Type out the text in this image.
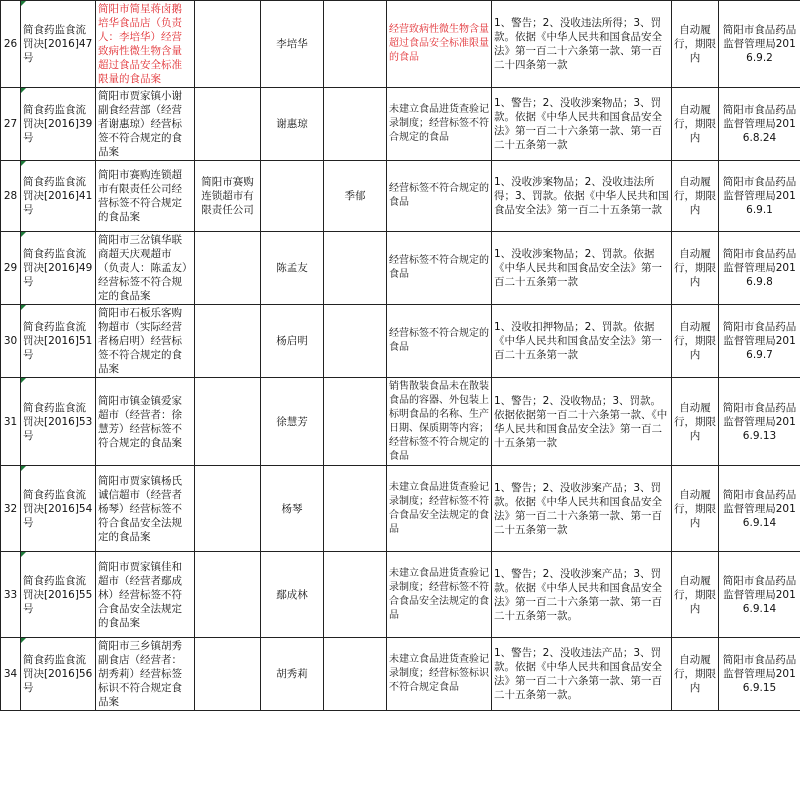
26	简食药监食流罚决[2016]47号	简阳市简星蒋卤鹅培华食品店（负责人：李培华）经营致病性微生物含量超过食品安全标准限量的食品案		李培华		经营致病性微生物含量超过食品安全标准限量的食品	1、警告；2、没收违法所得；3、罚款。依据《中华人民共和国食品安全法》第一百二十六条第一款、第一百二十四条第一款	自动履行，期限内	简阳市食品药品监督管理局2016.9.2
27	简食药监食流罚决[2016]39号	简阳市贾家镇小谢副食经营部（经营者谢惠琼）经营标签不符合规定的食品案		谢惠琼		未建立食品进货查验记录制度；经营标签不符合规定的食品	1、警告；2、没收涉案物品；3、罚款。依据《中华人民共和国食品安全法》第一百二十六条第一款、第一百二十五条第一款	自动履行，期限内	简阳市食品药品监督管理局2016.8.24
28	简食药监食流罚决[2016]41号	简阳市赛购连锁超市有限责任公司经营标签不符合规定的食品案	简阳市赛购连锁超市有限责任公司		季郁	经营标签不符合规定的食品	1、没收涉案物品；2、没收违法所得；3、罚款。依据《中华人民共和国食品安全法》第一百二十五条第一款	自动履行，期限内	简阳市食品药品监督管理局2016.9.1
29	简食药监食流罚决[2016]49号	简阳市三岔镇华联商超天庆观超市（负责人：陈孟友）经营标签不符合规定的食品案		陈孟友		经营标签不符合规定的食品	1、没收涉案物品；2、罚款。依据《中华人民共和国食品安全法》第一百二十五条第一款	自动履行，期限内	简阳市食品药品监督管理局2016.9.8
30	简食药监食流罚决[2016]51号	简阳市石板乐客购物超市（实际经营者杨启明）经营标签不符合规定的食品案		杨启明		经营标签不符合规定的食品	1、没收扣押物品；2、罚款。依据《中华人民共和国食品安全法》第一百二十五条第一款	自动履行，期限内	简阳市食品药品监督管理局2016.9.7
31	简食药监食流罚决[2016]53号	简阳市镇金镇爱家超市（经营者：徐慧芳）经营标签不符合规定的食品案		徐慧芳		销售散装食品未在散装食品的容器、外包装上标明食品的名称、生产日期、保质期等内容；经营标签不符合规定的食品	1、警告；2、没收物品；3、罚款。依据依据第一百二十六条第一款、《中华人民共和国食品安全法》第一百二十五条第一款	自动履行，期限内	简阳市食品药品监督管理局2016.9.13
32	简食药监食流罚决[2016]54号	简阳市贾家镇杨氏诚信超市（经营者杨琴）经营标签不符合食品安全法规定的食品案		杨琴		未建立食品进货查验记录制度；经营标签不符合食品安全法规定的食品	1、警告；2、没收涉案产品；3、罚款。依据《中华人民共和国食品安全法》第一百二十六条第一款、第一百二十五条第一款	自动履行，期限内	简阳市食品药品监督管理局2016.9.14
33	简食药监食流罚决[2016]55号	简阳市贾家镇佳和超市（经营者鄢成林）经营标签不符合食品安全法规定的食品案		鄢成林		未建立食品进货查验记录制度；经营标签不符合食品安全法规定的食品	1、警告；2、没收涉案产品；3、罚款。依据《中华人民共和国食品安全法》第一百二十六条第一款、第一百二十五条第一款。	自动履行，期限内	简阳市食品药品监督管理局2016.9.14
34	简食药监食流罚决[2016]56号	简阳市三乡镇胡秀副食店（经营者：胡秀莉）经营标签标识不符合规定食品案		胡秀莉		未建立食品进货查验记录制度；经营标签标识不符合规定食品	1、警告；2、没收违法产品；3、罚款。依据《中华人民共和国食品安全法》第一百二十六条第一款、第一百二十五条第一款。	自动履行，期限内	简阳市食品药品监督管理局2016.9.15
